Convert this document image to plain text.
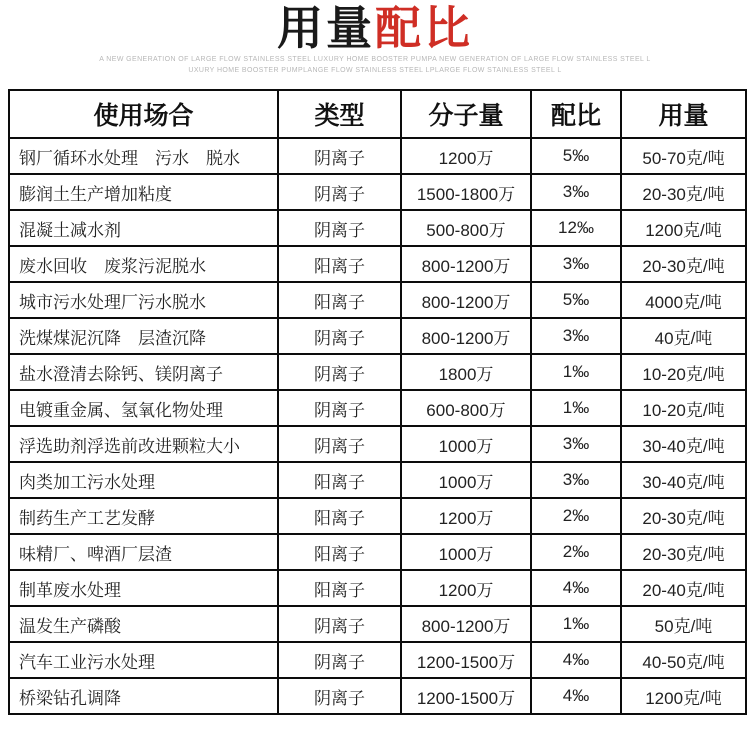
用量配比
A NEW GENERATION OF LARGE FLOW STAINLESS STEEL LUXURY HOME BOOSTER PUMPA NEW GENERATION OF LARGE FLOW STAINLESS STEEL L
UXURY HOME BOOSTER PUMPLANGE FLOW STAINLESS STEEL LPLARGE FLOW STAINLESS STEEL L
使用场合	类型	分子量	配比	用量
钢厂循环水处理　污水　脱水	阴离子	1200万	5‰	50-70克/吨
膨润土生产增加粘度	阴离子	1500-1800万	3‰	20-30克/吨
混凝土减水剂	阴离子	500-800万	12‰	1200克/吨
废水回收　废浆污泥脱水	阳离子	800-1200万	3‰	20-30克/吨
城市污水处理厂污水脱水	阳离子	800-1200万	5‰	4000克/吨
洗煤煤泥沉降　层渣沉降	阴离子	800-1200万	3‰	40克/吨
盐水澄清去除钙、镁阴离子	阴离子	1800万	1‰	10-20克/吨
电镀重金属、氢氧化物处理	阴离子	600-800万	1‰	10-20克/吨
浮选助剂浮选前改进颗粒大小	阴离子	1000万	3‰	30-40克/吨
肉类加工污水处理	阳离子	1000万	3‰	30-40克/吨
制药生产工艺发酵	阳离子	1200万	2‰	20-30克/吨
味精厂、啤酒厂层渣	阳离子	1000万	2‰	20-30克/吨
制革废水处理	阳离子	1200万	4‰	20-40克/吨
温发生产磷酸	阴离子	800-1200万	1‰	50克/吨
汽车工业污水处理	阴离子	1200-1500万	4‰	40-50克/吨
桥梁钻孔调降	阴离子	1200-1500万	4‰	1200克/吨
